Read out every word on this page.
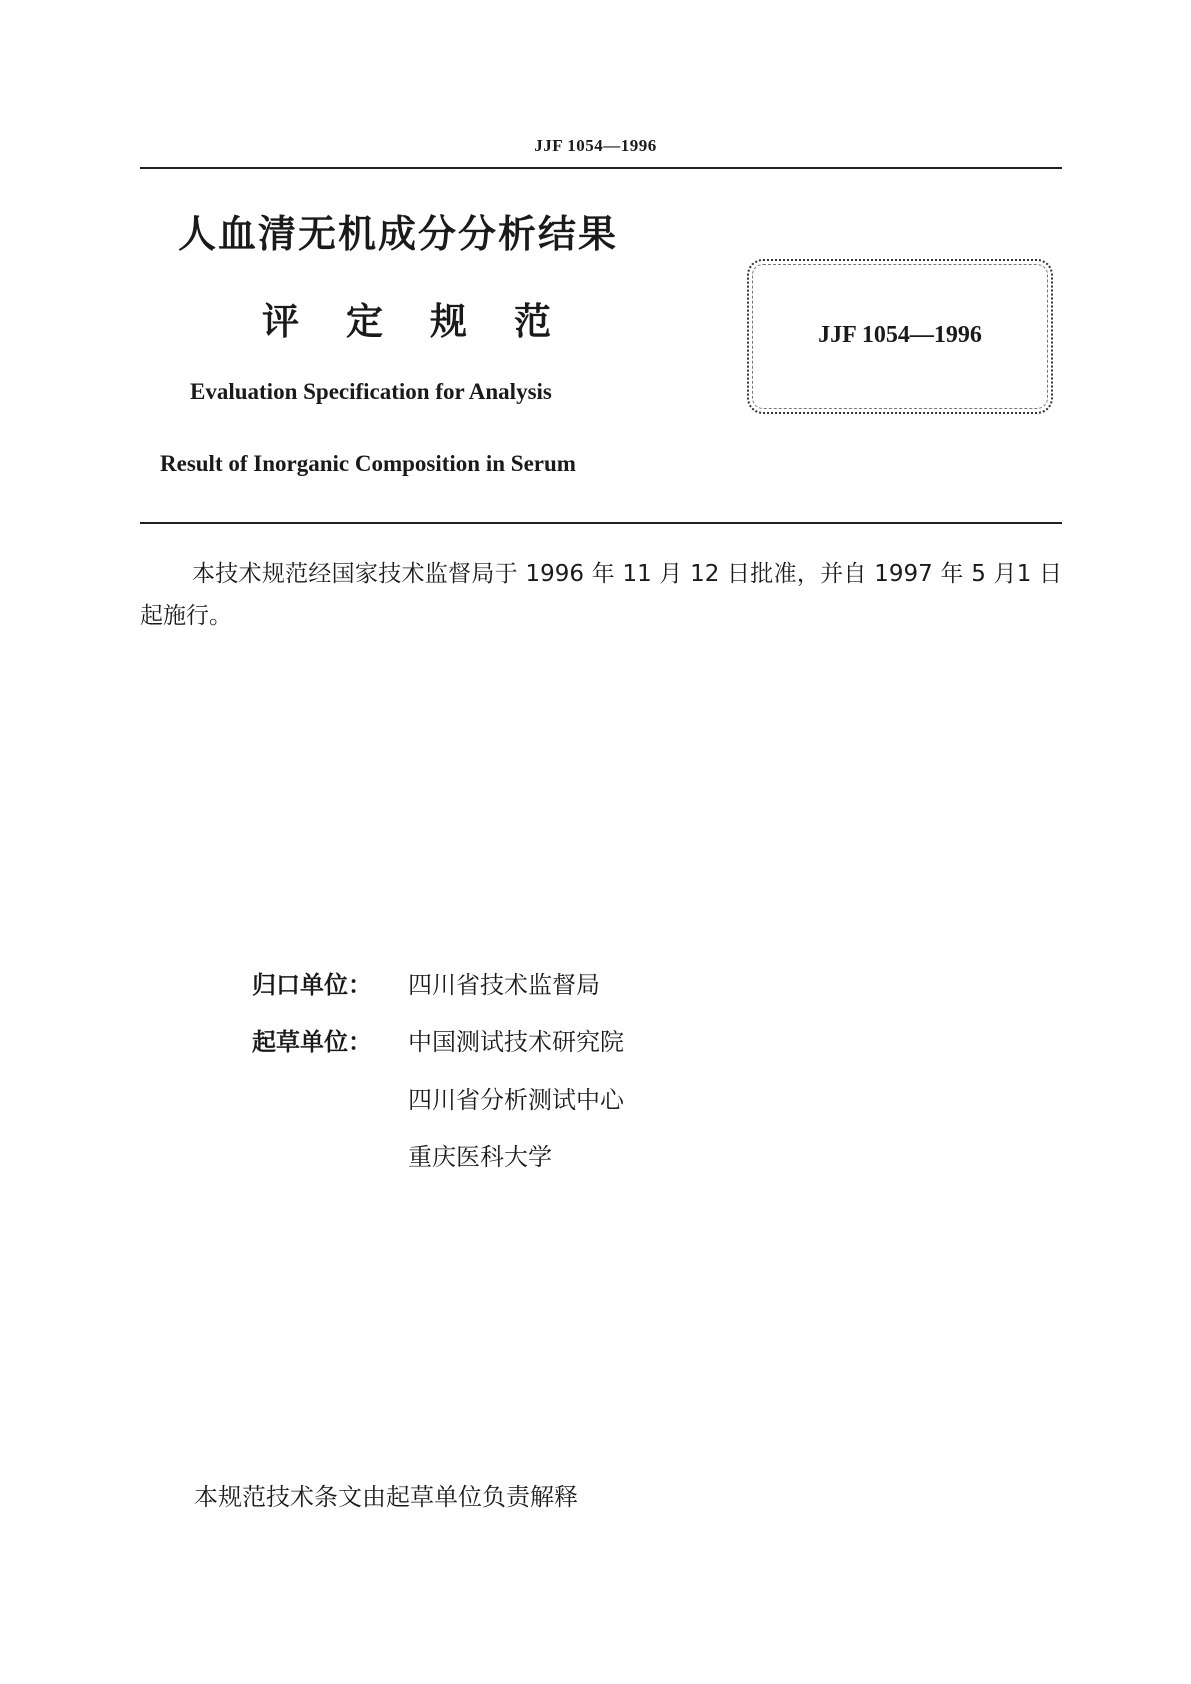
JJF 1054—1996
人血清无机成分分析结果
评 定 规 范
Evaluation Specification for Analysis
Result of Inorganic Composition in Serum
JJF 1054—1996
本技术规范经国家技术监督局于 1996 年 11 月 12 日批准，并自 1997 年 5 月1 日起施行。
归口单位： 四川省技术监督局
起草单位： 中国测试技术研究院
四川省分析测试中心
重庆医科大学
本规范技术条文由起草单位负责解释
